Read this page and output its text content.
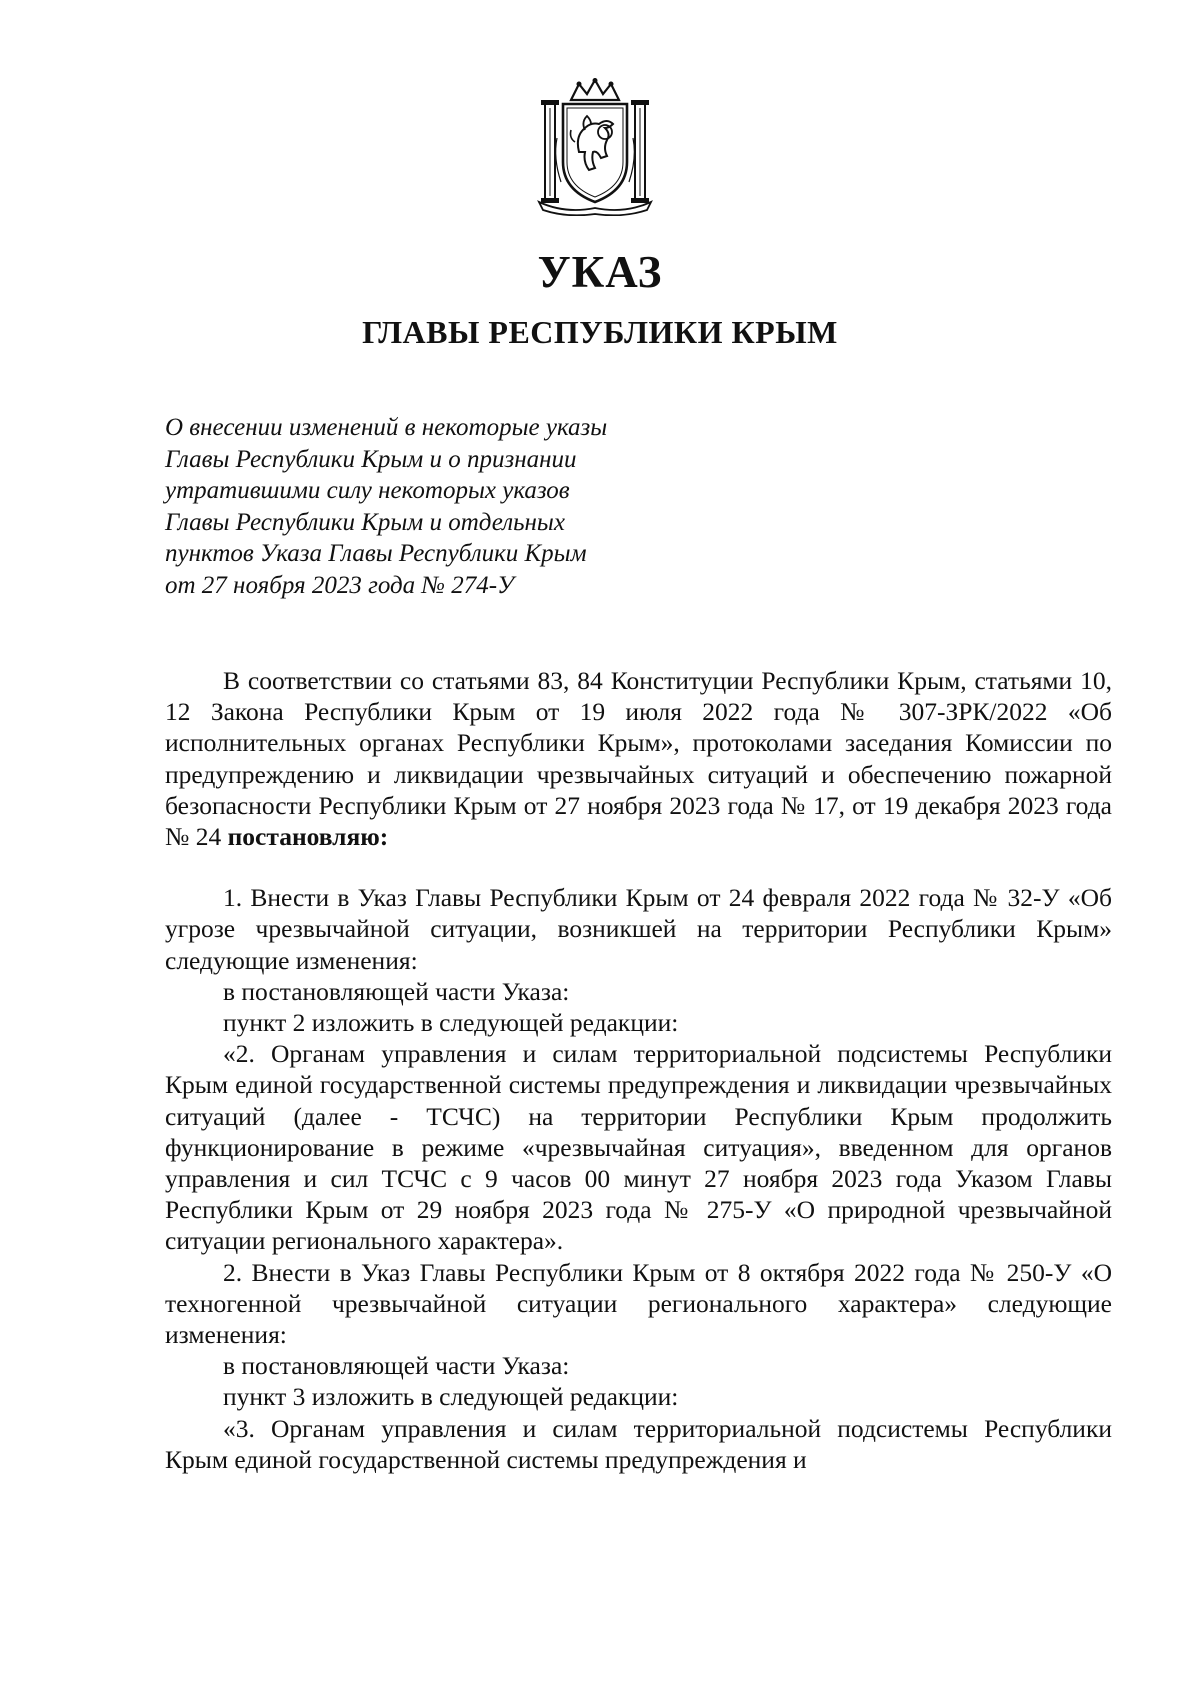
УКАЗ
ГЛАВЫ РЕСПУБЛИКИ КРЫМ
О внесении изменений в некоторые указы
Главы Республики Крым и о признании
утратившими силу некоторых указов
Главы Республики Крым и отдельных
пунктов Указа Главы Республики Крым
от 27 ноября 2023 года № 274-У

В соответствии со статьями 83, 84 Конституции Республики Крым, статьями 10, 12 Закона Республики Крым от 19 июля 2022 года № 307-ЗРК/2022 «Об исполнительных органах Республики Крым», протоколами заседания Комиссии по предупреждению и ликвидации чрезвычайных ситуаций и обеспечению пожарной безопасности Республики Крым от 27 ноября 2023 года № 17, от 19 декабря 2023 года № 24 постановляю:

1. Внести в Указ Главы Республики Крым от 24 февраля 2022 года № 32-У «Об угрозе чрезвычайной ситуации, возникшей на территории Республики Крым» следующие изменения:

в постановляющей части Указа:

пункт 2 изложить в следующей редакции:

«2. Органам управления и силам территориальной подсистемы Республики Крым единой государственной системы предупреждения и ликвидации чрезвычайных ситуаций (далее - ТСЧС) на территории Республики Крым продолжить функционирование в режиме «чрезвычайная ситуация», введенном для органов управления и сил ТСЧС с 9 часов 00 минут 27 ноября 2023 года Указом Главы Республики Крым от 29 ноября 2023 года № 275-У «О природной чрезвычайной ситуации регионального характера».

2. Внести в Указ Главы Республики Крым от 8 октября 2022 года № 250-У «О техногенной чрезвычайной ситуации регионального характера» следующие изменения:

в постановляющей части Указа:

пункт 3 изложить в следующей редакции:

«3. Органам управления и силам территориальной подсистемы Республики Крым единой государственной системы предупреждения и
